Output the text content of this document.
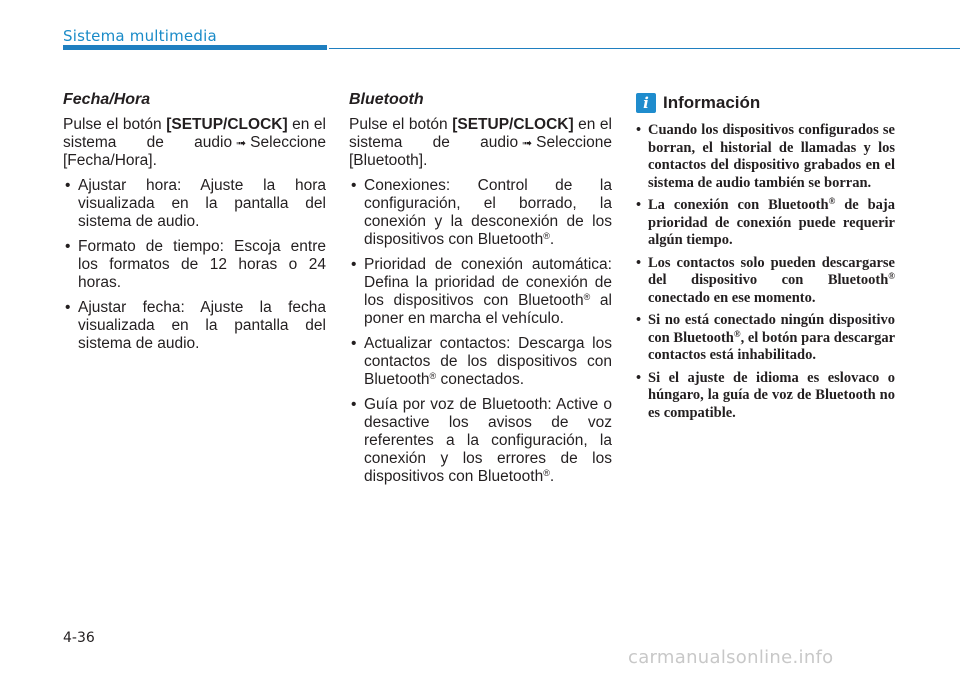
Sistema multimedia
Fecha/Hora

Pulse el botón [SETUP/CLOCK] en el sistema de audio ➟ Seleccione [Fecha/Hora].

• Ajustar hora: Ajuste la hora visualizada en la pantalla del sistema de audio.
• Formato de tiempo: Escoja entre los formatos de 12 horas o 24 horas.
• Ajustar fecha: Ajuste la fecha visualizada en la pantalla del sistema de audio.
Bluetooth

Pulse el botón [SETUP/CLOCK] en el sistema de audio ➟ Seleccione [Bluetooth].

• Conexiones: Control de la configuración, el borrado, la conexión y la desconexión de los dispositivos con Bluetooth®.
• Prioridad de conexión automática: Defina la prioridad de conexión de los dispositivos con Bluetooth® al poner en marcha el vehículo.
• Actualizar contactos: Descarga los contactos de los dispositivos con Bluetooth® conectados.
• Guía por voz de Bluetooth: Active o desactive los avisos de voz referentes a la configuración, la conexión y los errores de los dispositivos con Bluetooth®.
i Información
• Cuando los dispositivos configurados se borran, el historial de llamadas y los contactos del dispositivo grabados en el sistema de audio también se borran.
• La conexión con Bluetooth® de baja prioridad de conexión puede requerir algún tiempo.
• Los contactos solo pueden descargarse del dispositivo con Bluetooth® conectado en ese momento.
• Si no está conectado ningún dispositivo con Bluetooth®, el botón para descargar contactos está inhabilitado.
• Si el ajuste de idioma es eslovaco o húngaro, la guía de voz de Bluetooth no es compatible.
4-36
carmanualsonline.info
